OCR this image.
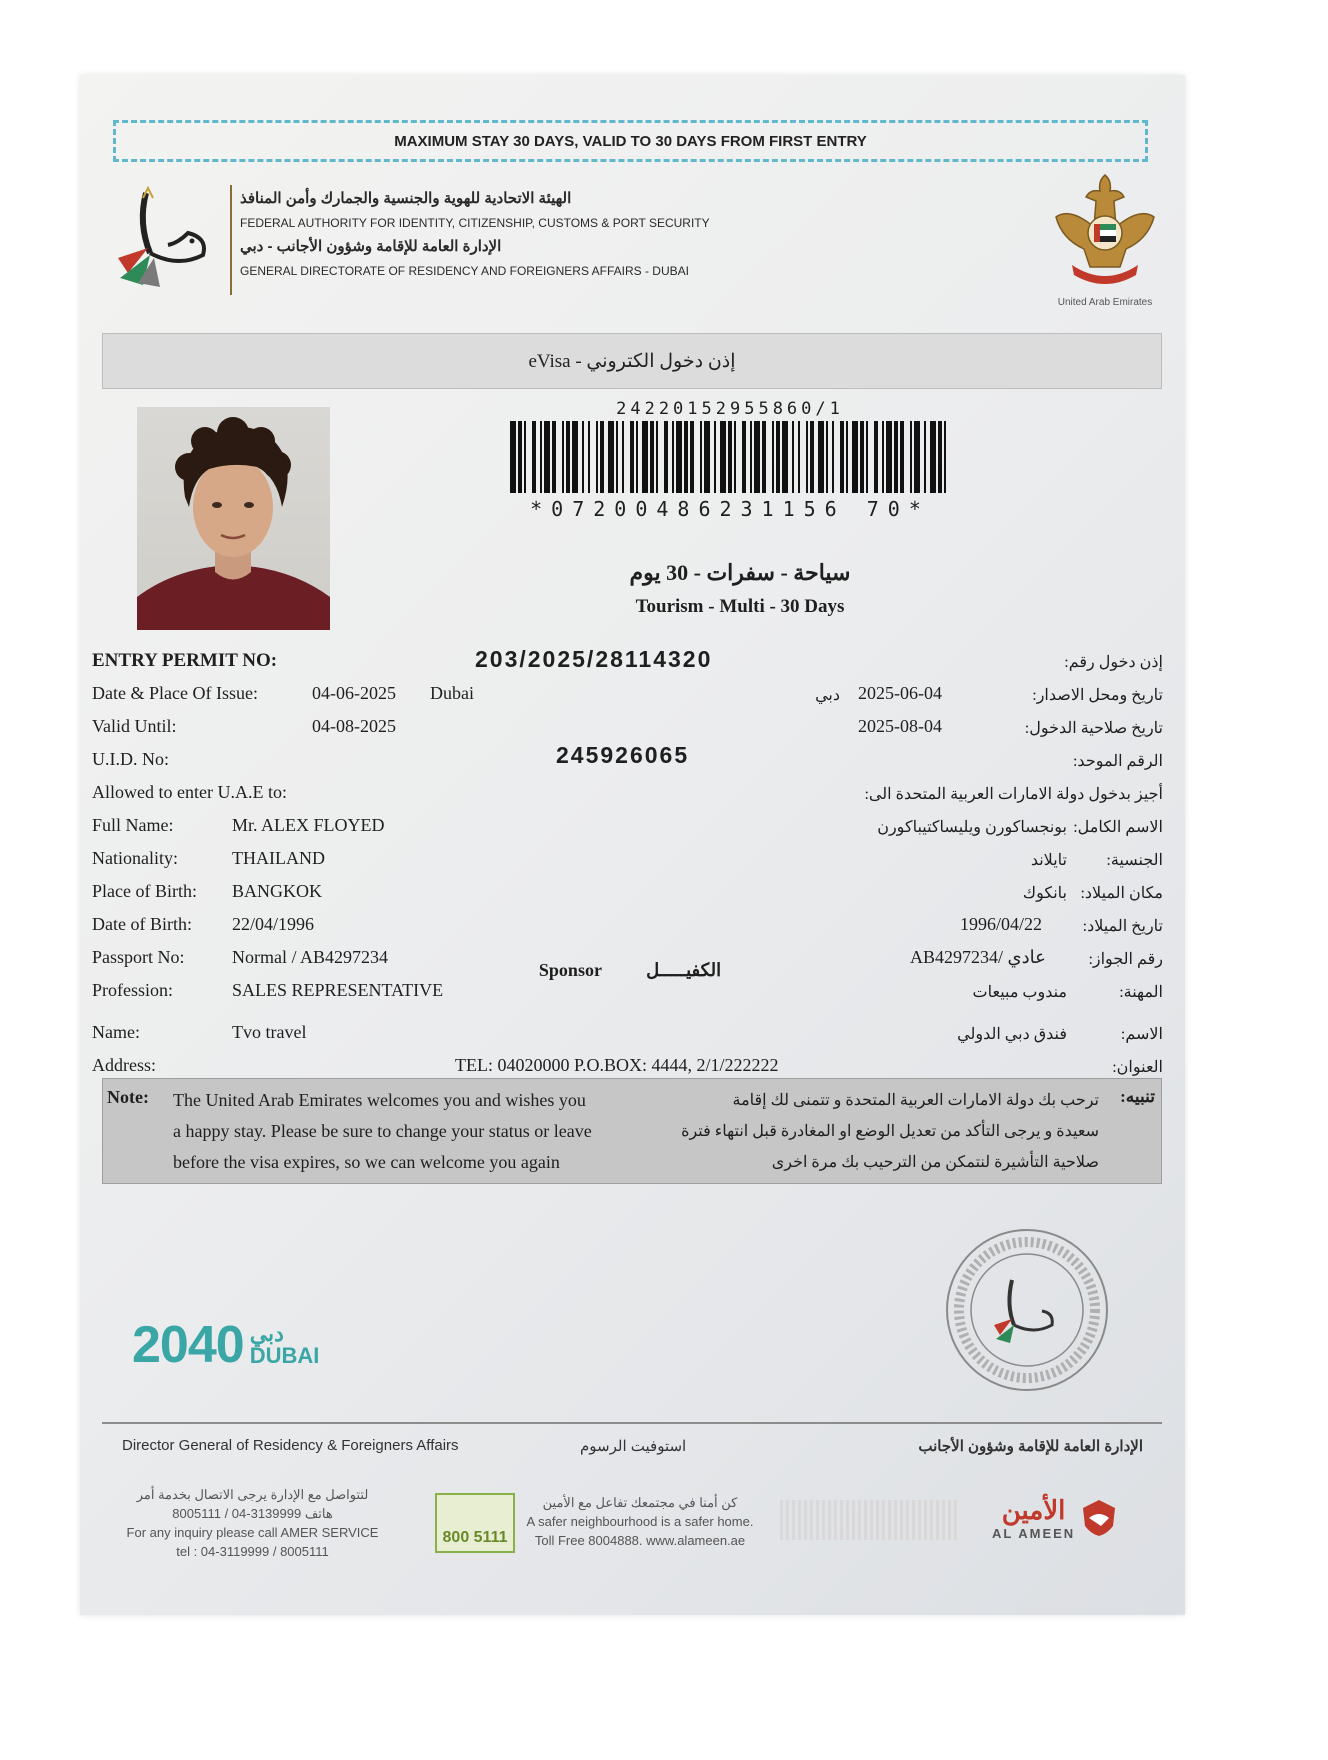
MAXIMUM STAY 30 DAYS, VALID TO 30 DAYS FROM FIRST ENTRY
الهيئة الاتحادية للهوية والجنسية والجمارك وأمن المنافذ
FEDERAL AUTHORITY FOR IDENTITY, CITIZENSHIP, CUSTOMS & PORT SECURITY
الإدارة العامة للإقامة وشؤون الأجانب - دبي
GENERAL DIRECTORATE OF RESIDENCY AND FOREIGNERS AFFAIRS - DUBAI
United Arab Emirates
eVisa - إذن دخول الكتروني
24220152955860/1
*07200486231156 70*
سياحة - سفرات - 30 يوم
Tourism - Multi - 30 Days
ENTRY PERMIT NO:	203/2025/28114320	إذن دخول رقم:
Date & Place Of Issue:	04-06-2025 Dubai	دبي 2025-06-04	تاريخ ومحل الاصدار:
Valid Until:	04-08-2025	2025-08-04	تاريخ صلاحية الدخول:
U.I.D. No:	245926065	الرقم الموحد:
Allowed to enter U.A.E to:	أجيز بدخول دولة الامارات العربية المتحدة الى:
Full Name:	Mr. ALEX FLOYED	بونجساكورن ويليساكتيباكورن الاسم الكامل:
Nationality:	THAILAND	تايلاند الجنسية:
Place of Birth: BANGKOK	بانكوك مكان الميلاد:
Date of Birth: 22/04/1996	1996/04/22	تاريخ الميلاد:
Passport No:	Normal / AB4297234	AB4297234/ عادي	رقم الجواز:
Profession:	SALES REPRESENTATIVE	مندوب مبيعات	المهنة:
Sponsor الكفيـــــل
Name:	Tvo travel	فندق دبي الدولي	الاسم:
Address:	TEL: 04020000 P.O.BOX: 4444, 2/1/222222	العنوان:
Note: The United Arab Emirates welcomes you and wishes you
a happy stay. Please be sure to change your status or leave
before the visa expires, so we can welcome you again
تنبيه:
ترحب بك دولة الامارات العربية المتحدة و تتمنى لك إقامة
سعيدة و يرجى التأكد من تعديل الوضع او المغادرة قبل انتهاء فترة
صلاحية التأشيرة لنتمكن من الترحيب بك مرة اخرى
2040 دبي
DUBAI
Director General of Residency & Foreigners Affairs	استوفيت الرسوم	الإدارة العامة للإقامة وشؤون الأجانب
لتتواصل مع الإدارة يرجى الاتصال بخدمة أمر
8005111 / 04-3139999 هاتف
For any inquiry please call AMER SERVICE
tel : 04-3119999 / 8005111
800 5111
كن أمنا في مجتمعك تفاعل مع الأمين
A safer neighbourhood is a safer home.
Toll Free 8004888. www.alameen.ae
الأمين
AL AMEEN
